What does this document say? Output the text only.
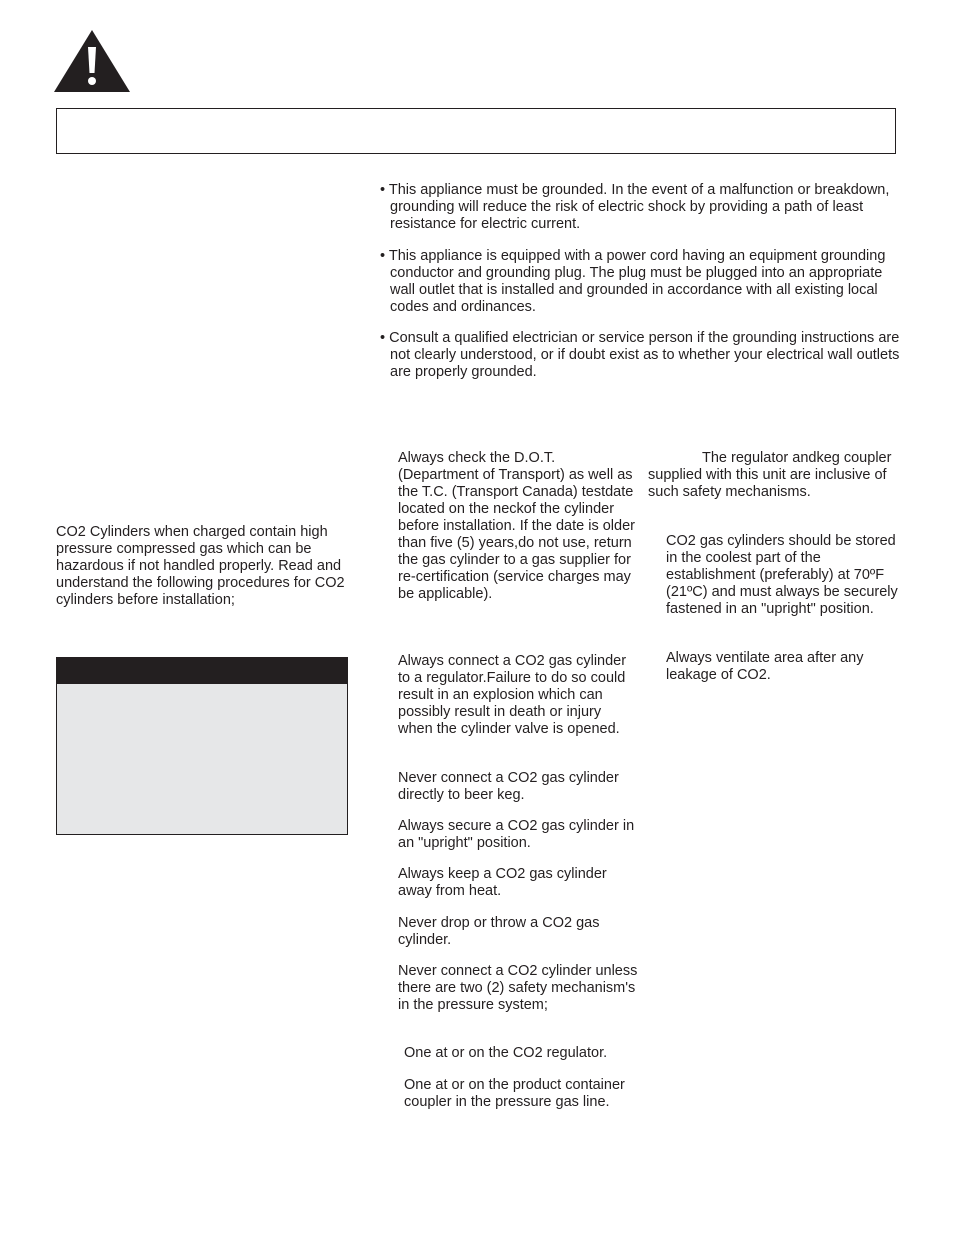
• This appliance must be grounded. In the event of a malfunction or breakdown, grounding will reduce the risk of electric shock by providing a path of least resistance for electric current.

• This appliance is equipped with a power cord having an equipment grounding conductor and grounding plug. The plug must be plugged into an appropriate wall outlet that is installed and grounded in accordance with all existing local codes and ordinances.

• Consult a qualified electrician or service person if the grounding instructions are not clearly understood, or if doubt exist as to whether your electrical wall outlets are properly grounded.

CO2 Cylinders when charged contain high pressure compressed gas which can be hazardous if not handled properly. Read and understand the following procedures for CO2 cylinders before installation;

Always check the D.O.T. (Department of Transport) as well as the T.C. (Transport Canada) testdate located on the neckof the cylinder before installation. If the date is older than five (5) years,do not use, return the gas cylinder to a gas supplier for re-certification (service charges may be applicable).

Always connect a CO2 gas cylinder to a regulator.Failure to do so could result in an explosion which can possibly result in death or injury when the cylinder valve is opened.

Never connect a CO2 gas cylinder directly to beer keg.

Always secure a CO2 gas cylinder in an "upright" position.

Always keep a CO2 gas cylinder away from heat.

Never drop or throw a CO2 gas cylinder.

Never connect a CO2 cylinder unless there are two (2) safety mechanism's in the pressure system;

One at or on the CO2 regulator.

One at or on the product container coupler in the pressure gas line.

The regulator andkeg coupler supplied with this unit are inclusive of such safety mechanisms.

CO2 gas cylinders should be stored in the coolest part of the establishment (preferably) at 70ºF (21ºC) and must always be securely fastened in an "upright" position.

Always ventilate area after any leakage of CO2.
